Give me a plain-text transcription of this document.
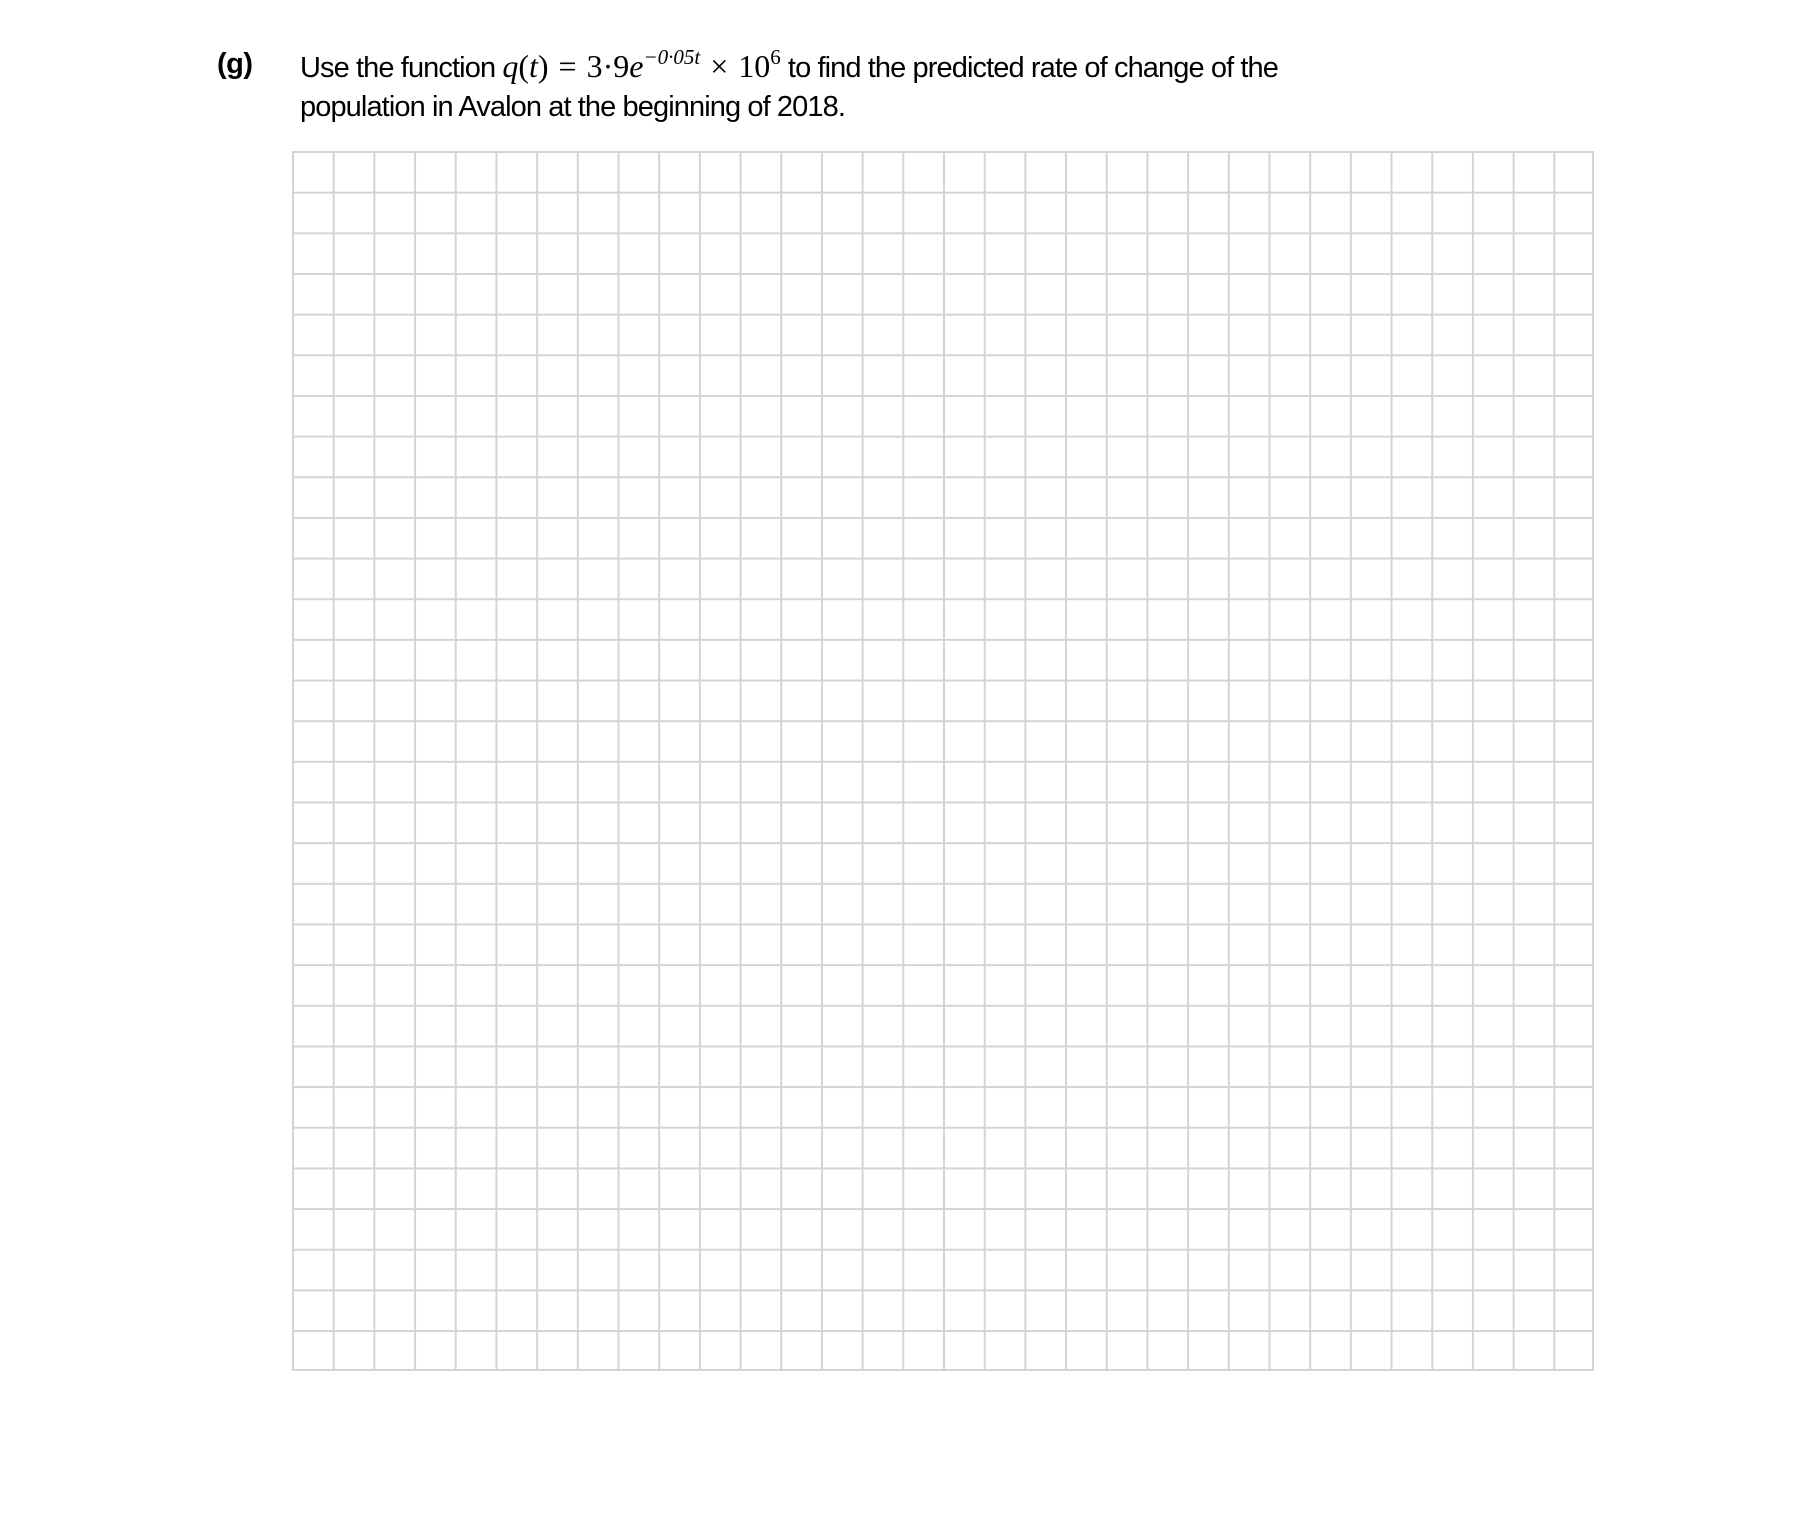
(g) Use the function $q(t) = 3\cdot 9e^{-0\cdot 05t} \times 10^6$ to find the predicted rate of change of the
population in Avalon at the beginning of 2018.
